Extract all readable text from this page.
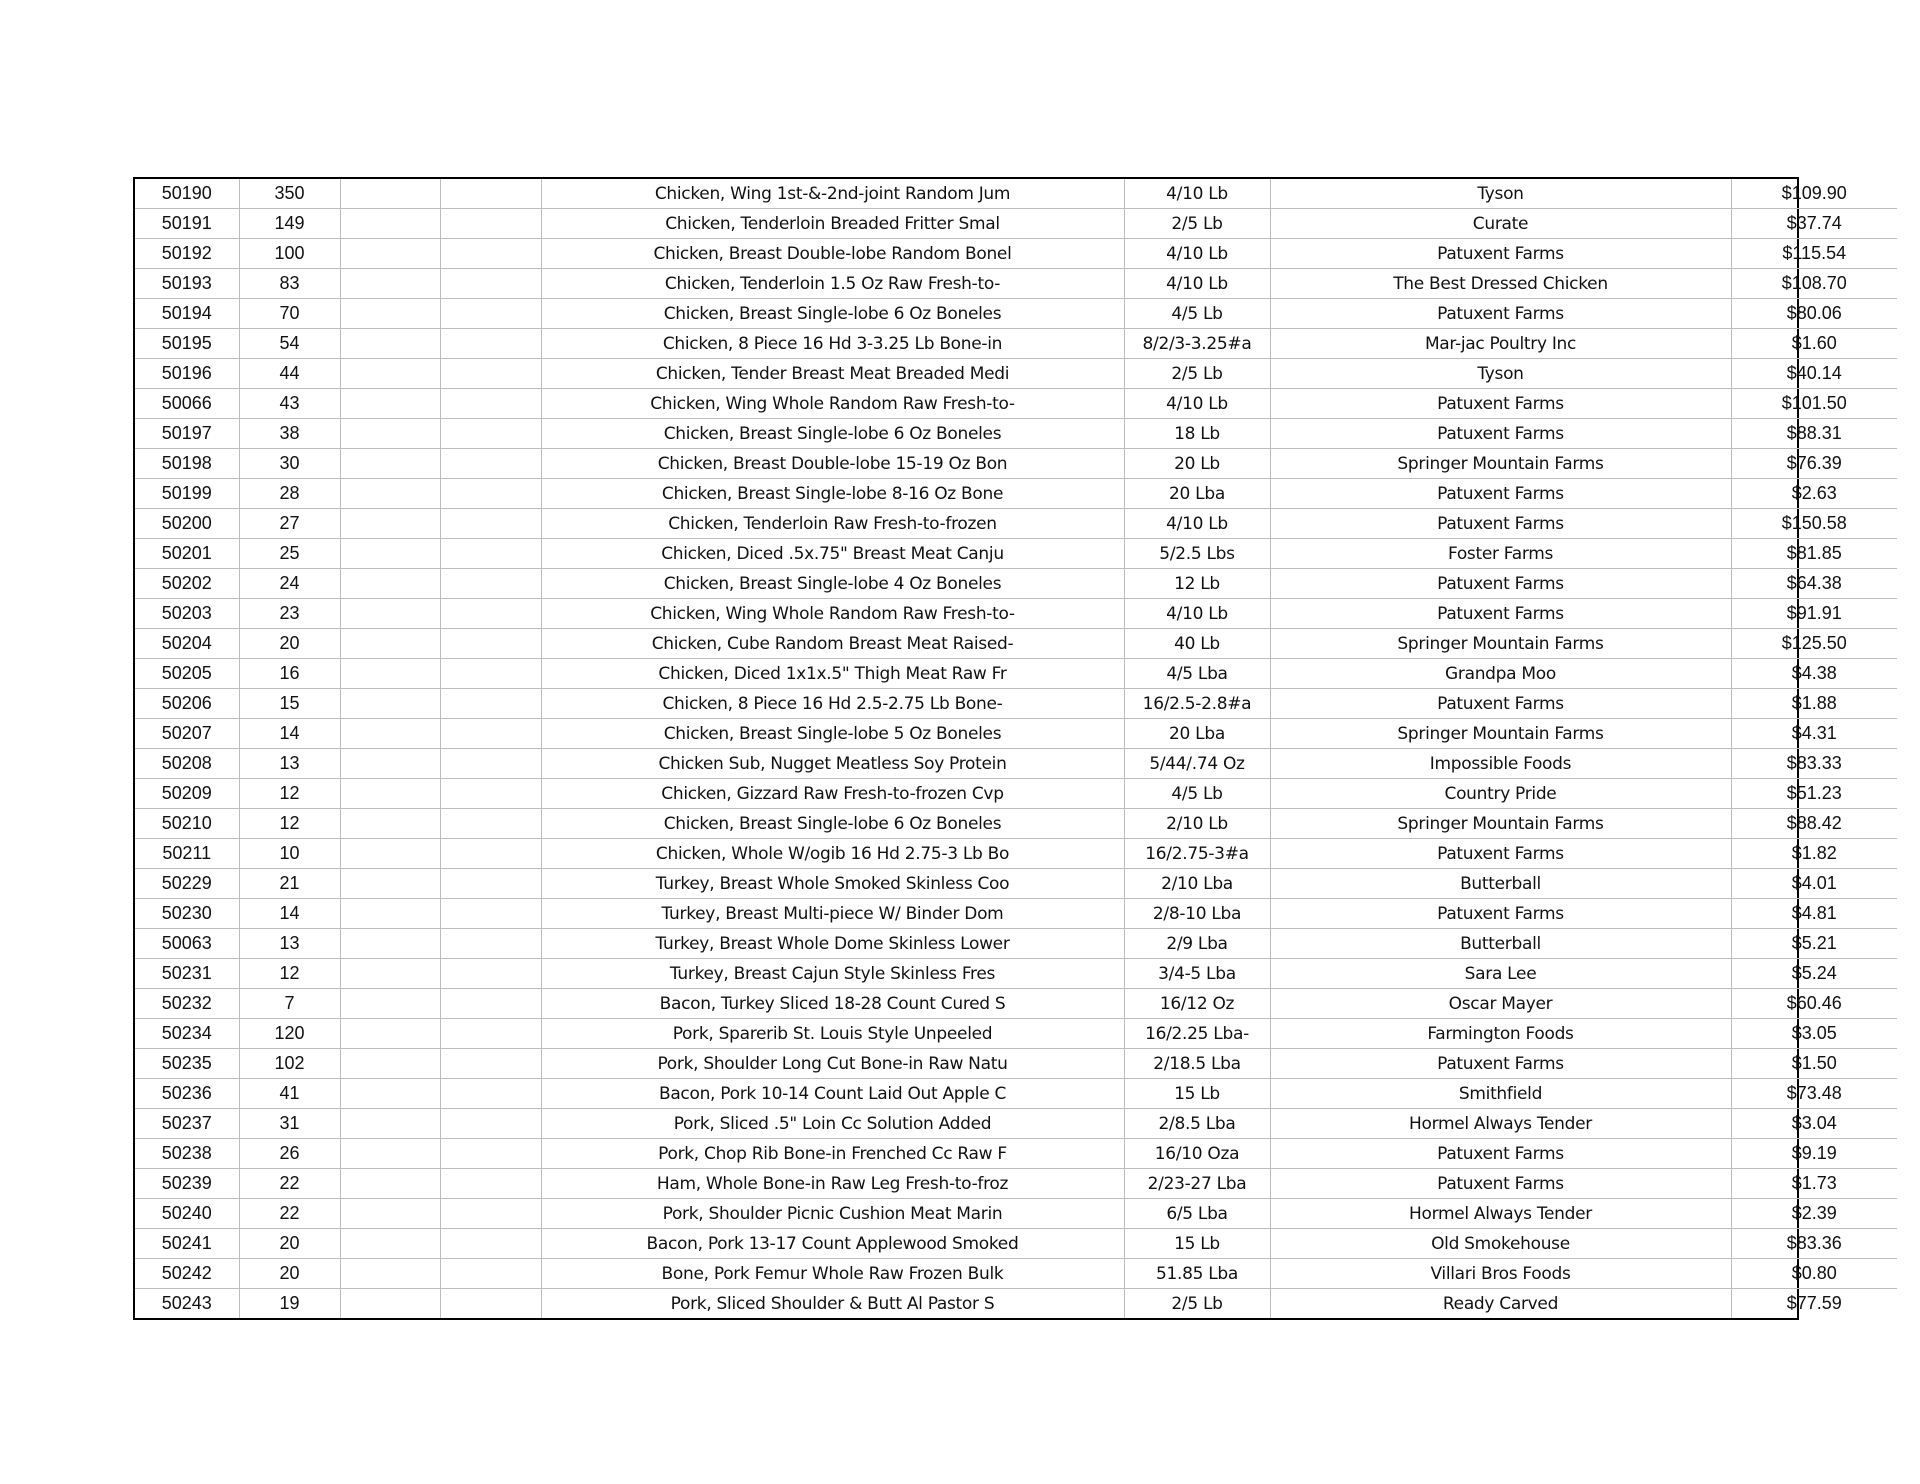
50190	350			Chicken, Wing 1st-&-2nd-joint Random Jum	4/10 Lb	Tyson	$109.90
50191	149			Chicken, Tenderloin Breaded Fritter Smal	2/5 Lb	Curate	$37.74
50192	100			Chicken, Breast Double-lobe Random Bonel	4/10 Lb	Patuxent Farms	$115.54
50193	83			Chicken, Tenderloin 1.5 Oz Raw Fresh-to-	4/10 Lb	The Best Dressed Chicken	$108.70
50194	70			Chicken, Breast Single-lobe 6 Oz Boneles	4/5 Lb	Patuxent Farms	$80.06
50195	54			Chicken, 8 Piece 16 Hd 3-3.25 Lb Bone-in	8/2/3-3.25#a	Mar-jac Poultry Inc	$1.60
50196	44			Chicken, Tender Breast Meat Breaded Medi	2/5 Lb	Tyson	$40.14
50066	43			Chicken, Wing Whole Random Raw Fresh-to-	4/10 Lb	Patuxent Farms	$101.50
50197	38			Chicken, Breast Single-lobe 6 Oz Boneles	18 Lb	Patuxent Farms	$88.31
50198	30			Chicken, Breast Double-lobe 15-19 Oz Bon	20 Lb	Springer Mountain Farms	$76.39
50199	28			Chicken, Breast Single-lobe 8-16 Oz Bone	20 Lba	Patuxent Farms	$2.63
50200	27			Chicken, Tenderloin Raw Fresh-to-frozen	4/10 Lb	Patuxent Farms	$150.58
50201	25			Chicken, Diced .5x.75" Breast Meat Canju	5/2.5 Lbs	Foster Farms	$81.85
50202	24			Chicken, Breast Single-lobe 4 Oz Boneles	12 Lb	Patuxent Farms	$64.38
50203	23			Chicken, Wing Whole Random Raw Fresh-to-	4/10 Lb	Patuxent Farms	$91.91
50204	20			Chicken, Cube Random Breast Meat Raised-	40 Lb	Springer Mountain Farms	$125.50
50205	16			Chicken, Diced 1x1x.5" Thigh Meat Raw Fr	4/5 Lba	Grandpa Moo	$4.38
50206	15			Chicken, 8 Piece 16 Hd 2.5-2.75 Lb Bone-	16/2.5-2.8#a	Patuxent Farms	$1.88
50207	14			Chicken, Breast Single-lobe 5 Oz Boneles	20 Lba	Springer Mountain Farms	$4.31
50208	13			Chicken Sub, Nugget Meatless Soy Protein	5/44/.74 Oz	Impossible Foods	$83.33
50209	12			Chicken, Gizzard Raw Fresh-to-frozen Cvp	4/5 Lb	Country Pride	$51.23
50210	12			Chicken, Breast Single-lobe 6 Oz Boneles	2/10 Lb	Springer Mountain Farms	$88.42
50211	10			Chicken, Whole W/ogib 16 Hd 2.75-3 Lb Bo	16/2.75-3#a	Patuxent Farms	$1.82
50229	21			Turkey, Breast Whole Smoked Skinless Coo	2/10 Lba	Butterball	$4.01
50230	14			Turkey, Breast Multi-piece W/ Binder Dom	2/8-10 Lba	Patuxent Farms	$4.81
50063	13			Turkey, Breast Whole Dome Skinless Lower	2/9 Lba	Butterball	$5.21
50231	12			Turkey, Breast Cajun Style Skinless Fres	3/4-5 Lba	Sara Lee	$5.24
50232	7			Bacon, Turkey Sliced 18-28 Count Cured S	16/12 Oz	Oscar Mayer	$60.46
50234	120			Pork, Sparerib St. Louis Style Unpeeled	16/2.25 Lba-	Farmington Foods	$3.05
50235	102			Pork, Shoulder Long Cut Bone-in Raw Natu	2/18.5 Lba	Patuxent Farms	$1.50
50236	41			Bacon, Pork 10-14 Count Laid Out Apple C	15 Lb	Smithfield	$73.48
50237	31			Pork, Sliced .5" Loin Cc Solution Added	2/8.5 Lba	Hormel Always Tender	$3.04
50238	26			Pork, Chop Rib Bone-in Frenched Cc Raw F	16/10 Oza	Patuxent Farms	$9.19
50239	22			Ham, Whole Bone-in Raw Leg Fresh-to-froz	2/23-27 Lba	Patuxent Farms	$1.73
50240	22			Pork, Shoulder Picnic Cushion Meat Marin	6/5 Lba	Hormel Always Tender	$2.39
50241	20			Bacon, Pork 13-17 Count Applewood Smoked	15 Lb	Old Smokehouse	$83.36
50242	20			Bone, Pork Femur Whole Raw Frozen Bulk	51.85 Lba	Villari Bros Foods	$0.80
50243	19			Pork, Sliced Shoulder & Butt Al Pastor S	2/5 Lb	Ready Carved	$77.59
